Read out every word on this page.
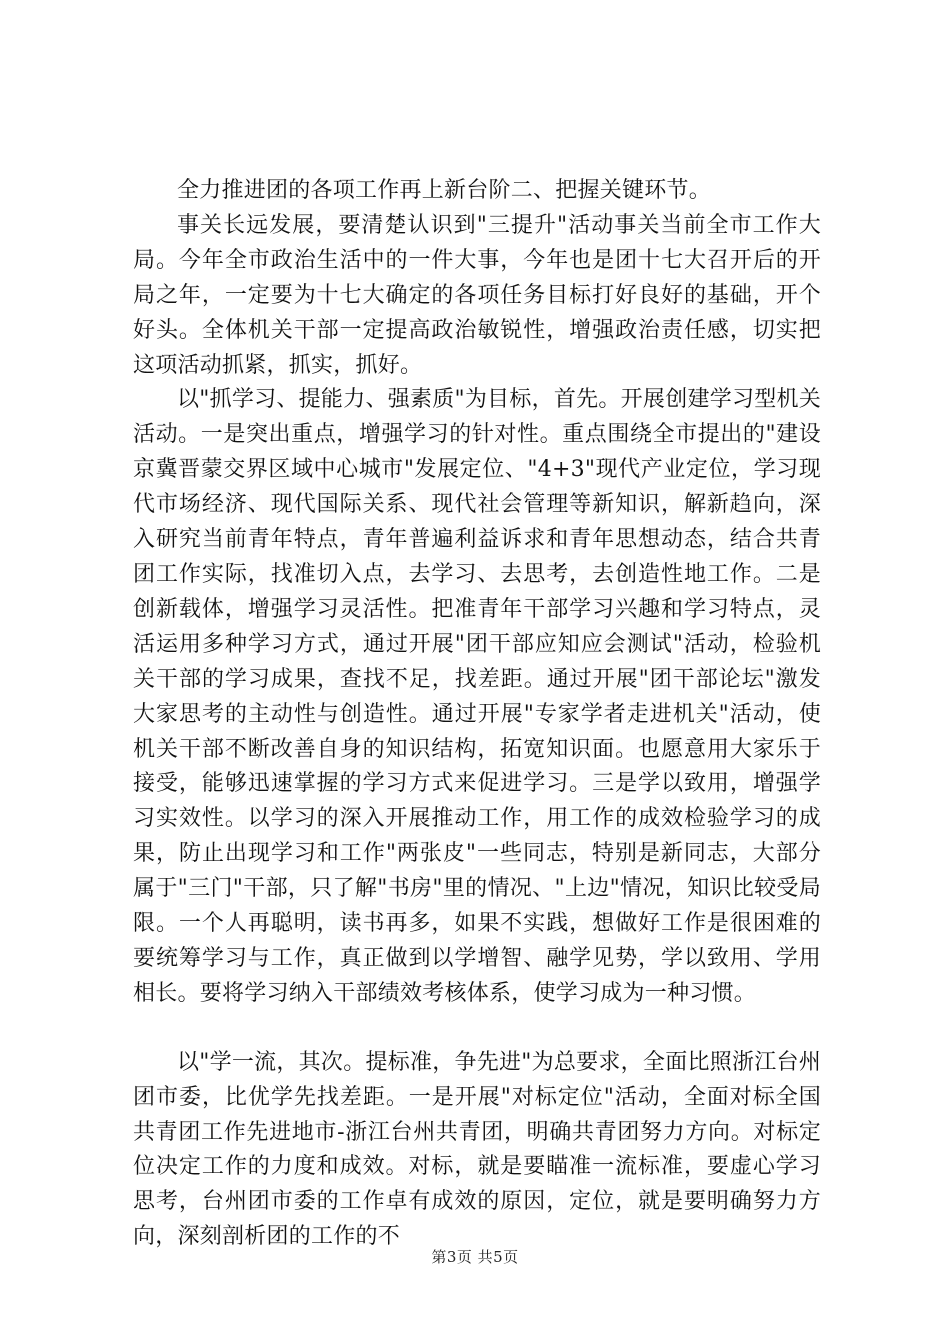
全力推进团的各项工作再上新台阶二、把握关键环节。

事关长远发展，要清楚认识到"三提升"活动事关当前全市工作大局。今年全市政治生活中的一件大事，今年也是团十七大召开后的开局之年，一定要为十七大确定的各项任务目标打好良好的基础，开个好头。全体机关干部一定提高政治敏锐性，增强政治责任感，切实把这项活动抓紧，抓实，抓好。

以"抓学习、提能力、强素质"为目标，首先。开展创建学习型机关活动。一是突出重点，增强学习的针对性。重点围绕全市提出的"建设京冀晋蒙交界区域中心城市"发展定位、"4+3"现代产业定位，学习现代市场经济、现代国际关系、现代社会管理等新知识，解新趋向，深入研究当前青年特点，青年普遍利益诉求和青年思想动态，结合共青团工作实际，找准切入点，去学习、去思考，去创造性地工作。二是创新载体，增强学习灵活性。把准青年干部学习兴趣和学习特点，灵活运用多种学习方式，通过开展"团干部应知应会测试"活动，检验机关干部的学习成果，查找不足，找差距。通过开展"团干部论坛"激发大家思考的主动性与创造性。通过开展"专家学者走进机关"活动，使机关干部不断改善自身的知识结构，拓宽知识面。也愿意用大家乐于接受，能够迅速掌握的学习方式来促进学习。三是学以致用，增强学习实效性。以学习的深入开展推动工作，用工作的成效检验学习的成果，防止出现学习和工作"两张皮"一些同志，特别是新同志，大部分属于"三门"干部，只了解"书房"里的情况、"上边"情况，知识比较受局限。一个人再聪明，读书再多，如果不实践，想做好工作是很困难的要统筹学习与工作，真正做到以学增智、融学见势，学以致用、学用相长。要将学习纳入干部绩效考核体系，使学习成为一种习惯。

以"学一流，其次。提标准，争先进"为总要求，全面比照浙江台州团市委，比优学先找差距。一是开展"对标定位"活动，全面对标全国共青团工作先进地市-浙江台州共青团，明确共青团努力方向。对标定位决定工作的力度和成效。对标，就是要瞄准一流标准，要虚心学习思考，台州团市委的工作卓有成效的原因，定位，就是要明确努力方向，深刻剖析团的工作的不

第3页 共5页
